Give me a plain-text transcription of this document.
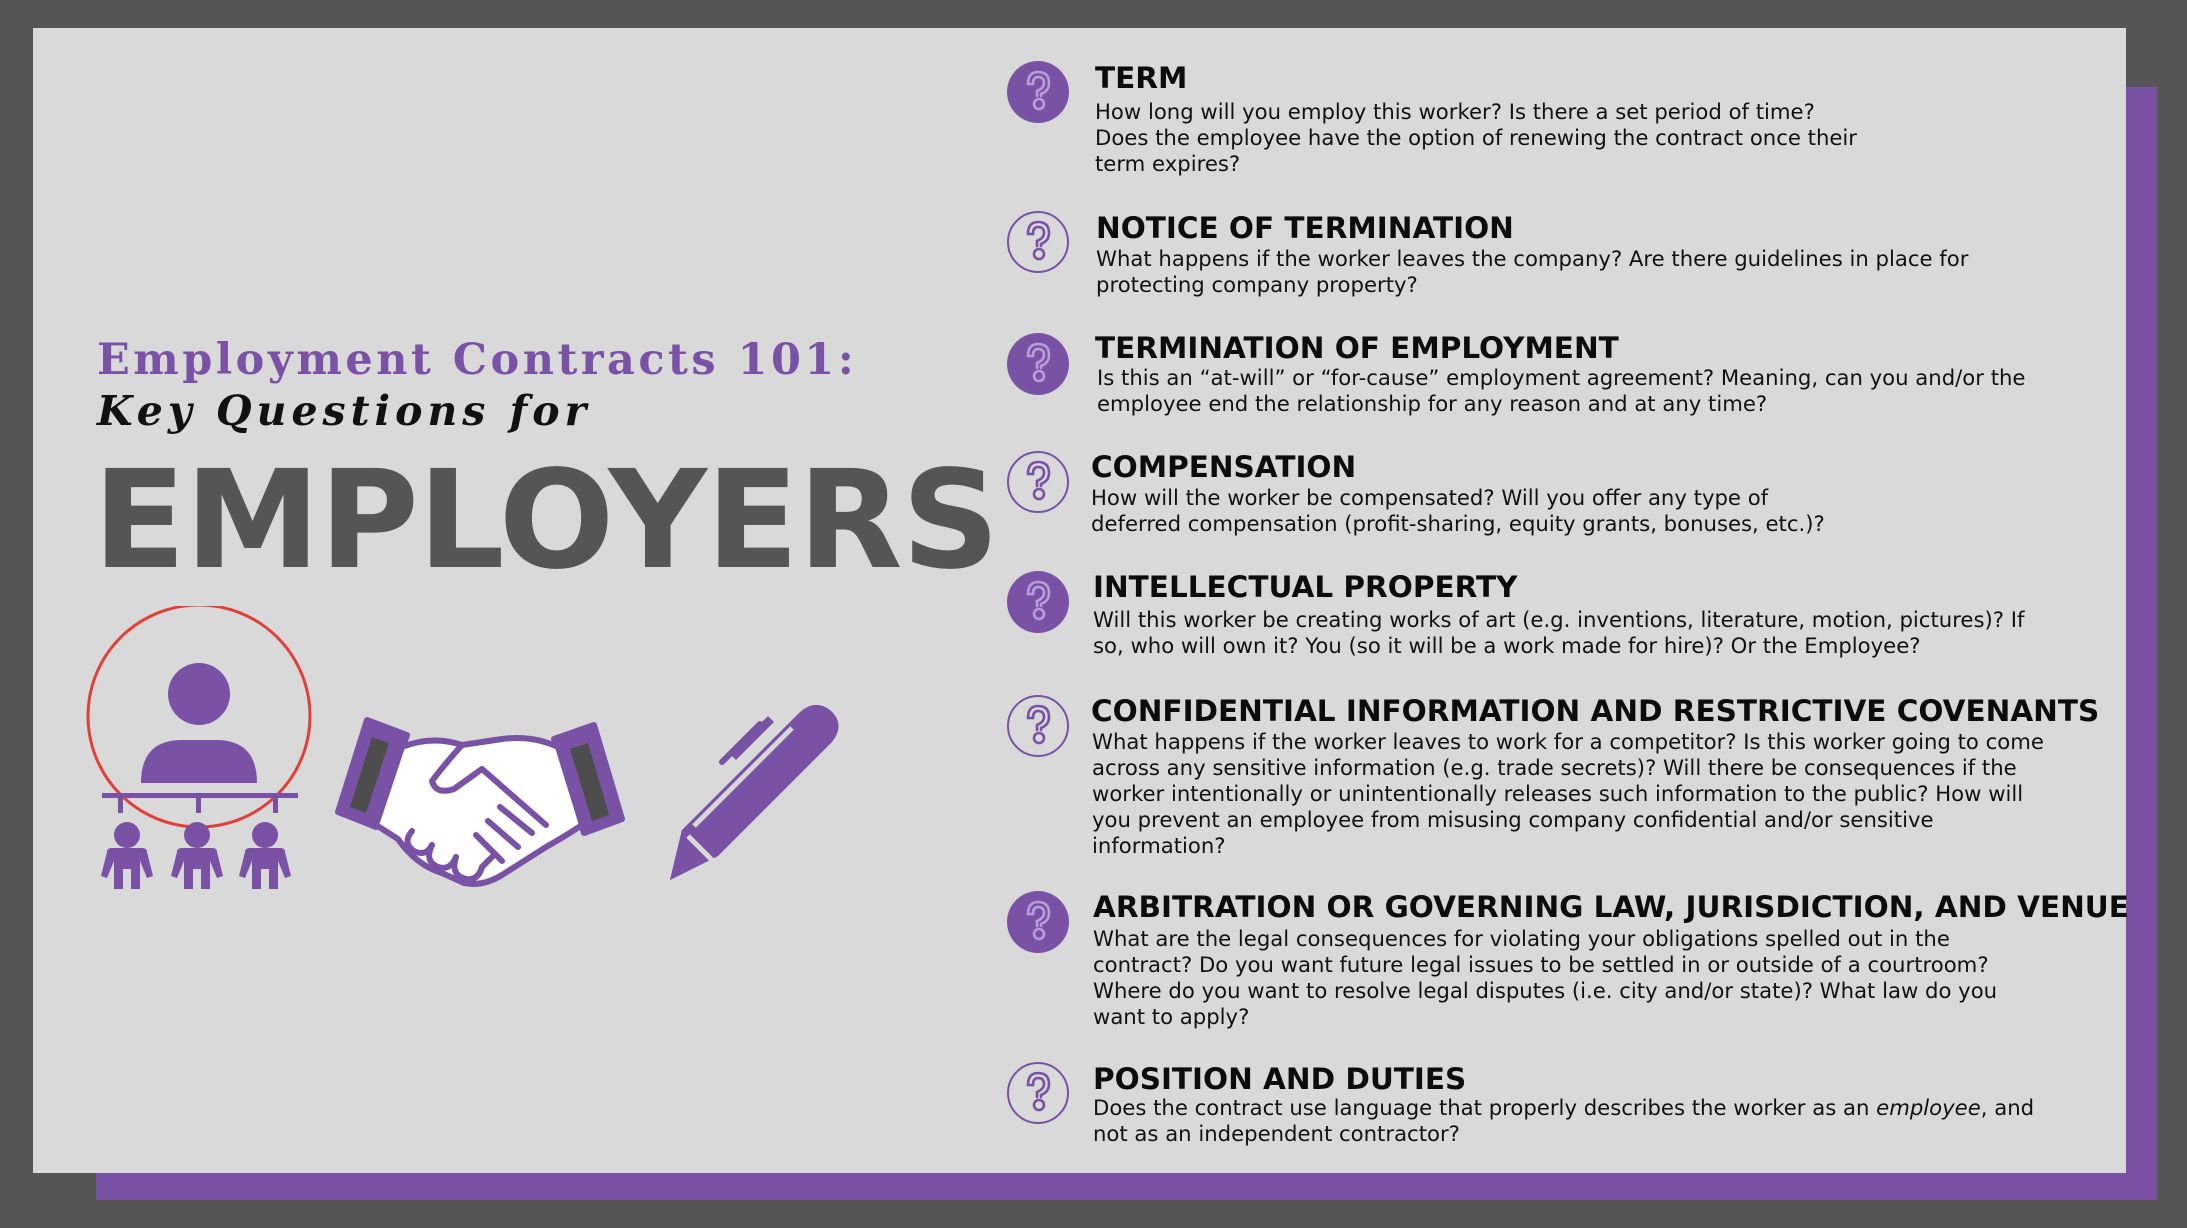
Employment Contracts 101:
Key Questions for
EMPLOYERS
TERM
How long will you employ this worker? Is there a set period of time?
Does the employee have the option of renewing the contract once their
term expires?
NOTICE OF TERMINATION
What happens if the worker leaves the company? Are there guidelines in place for
protecting company property?
TERMINATION OF EMPLOYMENT
Is this an “at-will” or “for-cause” employment agreement? Meaning, can you and/or the
employee end the relationship for any reason and at any time?
COMPENSATION
How will the worker be compensated? Will you offer any type of
deferred compensation (profit-sharing, equity grants, bonuses, etc.)?
INTELLECTUAL PROPERTY
Will this worker be creating works of art (e.g. inventions, literature, motion, pictures)? If
so, who will own it? You (so it will be a work made for hire)? Or the Employee?
CONFIDENTIAL INFORMATION AND RESTRICTIVE COVENANTS
What happens if the worker leaves to work for a competitor? Is this worker going to come
across any sensitive information (e.g. trade secrets)? Will there be consequences if the
worker intentionally or unintentionally releases such information to the public? How will
you prevent an employee from misusing company confidential and/or sensitive
information?
ARBITRATION OR GOVERNING LAW, JURISDICTION, AND VENUE
What are the legal consequences for violating your obligations spelled out in the
contract? Do you want future legal issues to be settled in or outside of a courtroom?
Where do you want to resolve legal disputes (i.e. city and/or state)? What law do you
want to apply?
POSITION AND DUTIES
Does the contract use language that properly describes the worker as an employee, and
not as an independent contractor?
